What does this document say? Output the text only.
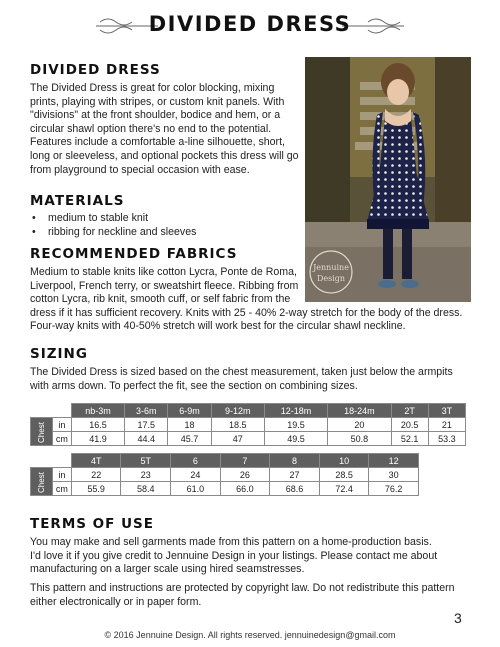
DIVIDED DRESS
DIVIDED DRESS
The Divided Dress is great for color blocking, mixing
prints, playing with stripes, or custom knit panels. With
"divisions" at the front shoulder, bodice and hem, or a
circular shawl option there's no end to the potential.
Features include a comfortable a-line silhouette, short,
long or sleeveless, and optional pockets this dress will go
from playground to special occasion with ease.
Jennuine
Design
MATERIALS
• medium to stable knit
• ribbing for neckline and sleeves
RECOMMENDED FABRICS
Medium to stable knits like cotton Lycra, Ponte de Roma,
Liverpool, French terry, or sweatshirt fleece. Ribbing from
cotton Lycra, rib knit, smooth cuff, or self fabric from the
dress if it has sufficient recovery. Knits with 25 - 40% 2-way stretch for the body of the dress.
Four-way knits with 40-50% stretch will work best for the circular shawl neckline.
SIZING
The Divided Dress is sized based on the chest measurement, taken just below the armpits
with arms down. To perfect the fit, see the section on combining sizes.
		nb-3m	3-6m	6-9m	9-12m	12-18m	18-24m	2T	3T
Chest	in	16.5	17.5	18	18.5	19.5	20	20.5	21
	cm	41.9	44.4	45.7	47	49.5	50.8	52.1	53.3
		4T	5T	6	7	8	10	12
Chest	in	22	23	24	26	27	28.5	30
	cm	55.9	58.4	61.0	66.0	68.6	72.4	76.2
TERMS OF USE
You may make and sell garments made from this pattern on a home-production basis.
I'd love it if you give credit to Jennuine Design in your listings. Please contact me about
manufacturing on a larger scale using hired seamstresses.
This pattern and instructions are protected by copyright law. Do not redistribute this pattern
either electronically or in paper form.
3
© 2016 Jennuine Design. All rights reserved. jennuinedesign@gmail.com
